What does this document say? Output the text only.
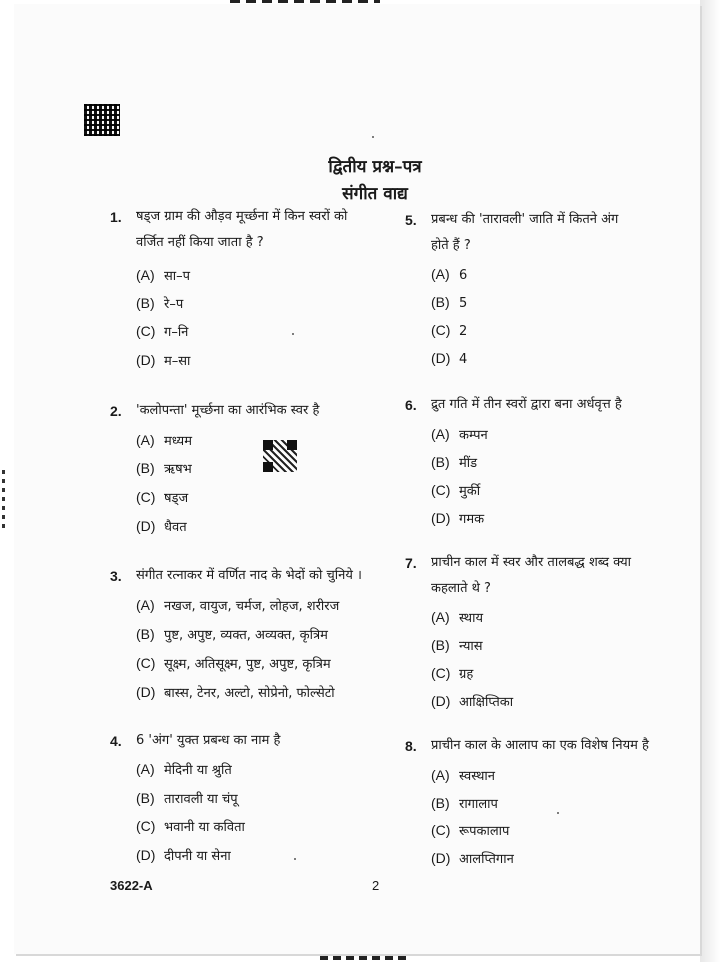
द्वितीय प्रश्न–पत्र
संगीत वाद्य
1. षड्ज ग्राम की औड़व मूर्च्छना में किन स्वरों को
वर्जित नहीं किया जाता है ?
(A) सा–प
(B) रे–प
(C) ग–नि
(D) म–सा
2. 'कलोपन्ता' मूर्च्छना का आरंभिक स्वर है
(A) मध्यम
(B) ऋषभ
(C) षड्ज
(D) धैवत
3. संगीत रत्नाकर में वर्णित नाद के भेदों को चुनिये ।
(A) नखज, वायुज, चर्मज, लोहज, शरीरज
(B) पुष्ट, अपुष्ट, व्यक्त, अव्यक्त, कृत्रिम
(C) सूक्ष्म, अतिसूक्ष्म, पुष्ट, अपुष्ट, कृत्रिम
(D) बास्स, टेनर, अल्टो, सोप्रेनो, फोल्सेटो
4. 6 'अंग' युक्त प्रबन्ध का नाम है
(A) मेदिनी या श्रुति
(B) तारावली या चंपू
(C) भवानी या कविता
(D) दीपनी या सेना
5. प्रबन्ध की 'तारावली' जाति में कितने अंग
होते हैं ?
(A) 6
(B) 5
(C) 2
(D) 4
6. द्रुत गति में तीन स्वरों द्वारा बना अर्धवृत्त है
(A) कम्पन
(B) मींड
(C) मुर्की
(D) गमक
7. प्राचीन काल में स्वर और तालबद्ध शब्द क्या
कहलाते थे ?
(A) स्थाय
(B) न्यास
(C) ग्रह
(D) आक्षिप्तिका
8. प्राचीन काल के आलाप का एक विशेष नियम है
(A) स्वस्थान
(B) रागालाप
(C) रूपकालाप
(D) आलप्तिगान
3622-A	2
